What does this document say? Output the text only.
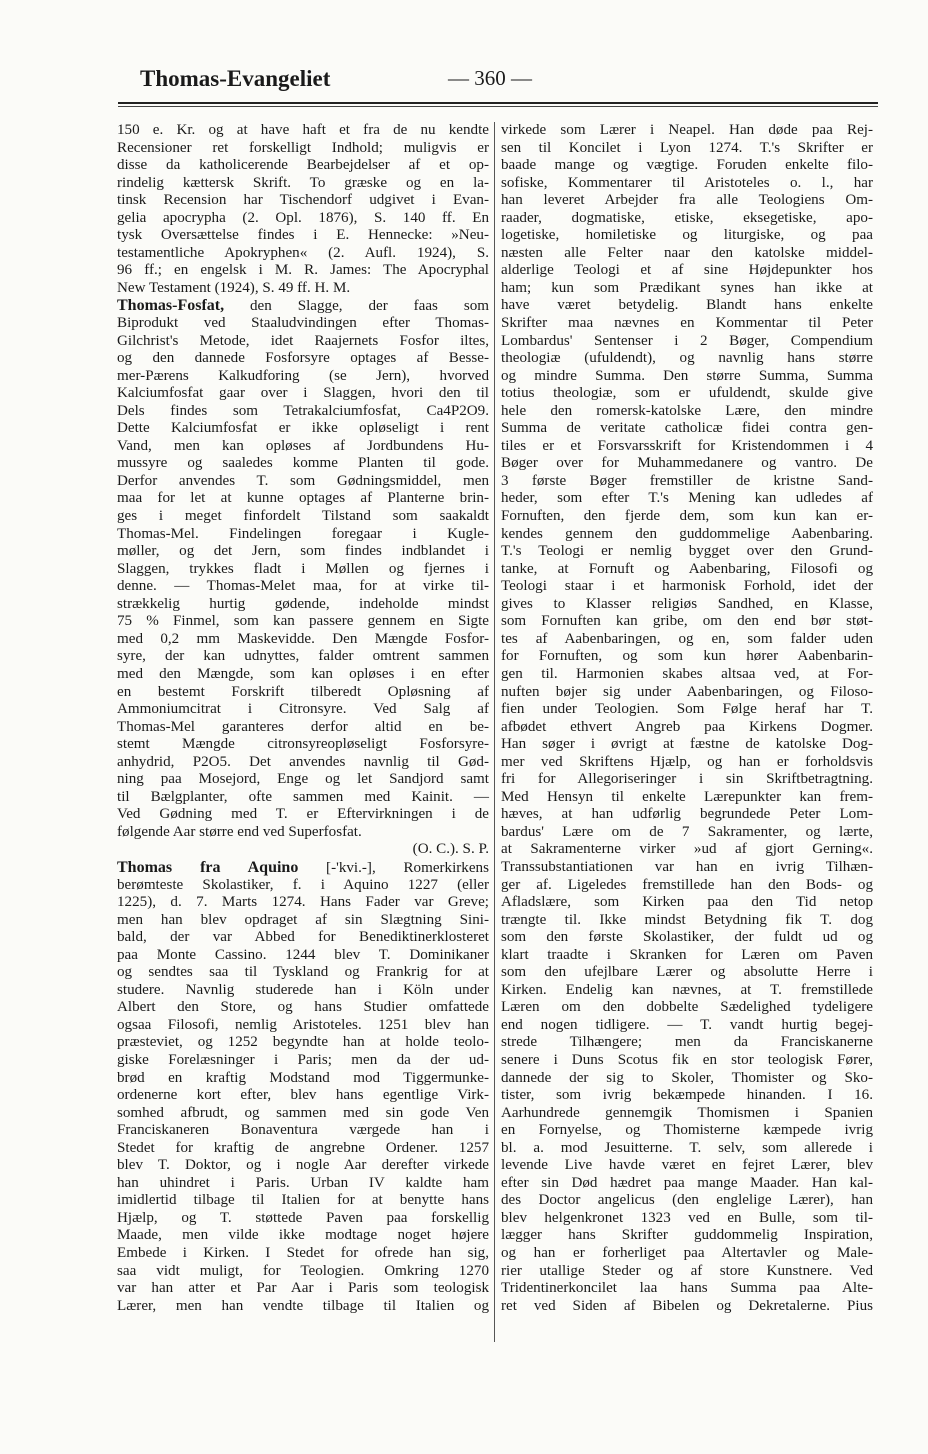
Thomas-Evangeliet	— 360 —
150 e. Kr. og at have haft et fra de nu kendte
Recensioner ret forskelligt Indhold; muligvis er
disse da katholicerende Bearbejdelser af et op-
rindelig kættersk Skrift. To græske og en la-
tinsk Recension har Tischendorf udgivet i Evan-
gelia apocrypha (2. Opl. 1876), S. 140 ff. En
tysk Oversættelse findes i E. Hennecke: »Neu-
testamentliche Apokryphen« (2. Aufl. 1924), S.
96 ff.; en engelsk i M. R. James: The Apocryphal
New Testament (1924), S. 49 ff. H. M.
Thomas-Fosfat, den Slagge, der faas som
Biprodukt ved Staaludvindingen efter Thomas-
Gilchrist's Metode, idet Raajernets Fosfor iltes,
og den dannede Fosforsyre optages af Besse-
mer-Pærens Kalkudforing (se Jern), hvorved
Kalciumfosfat gaar over i Slaggen, hvori den til
Dels findes som Tetrakalciumfosfat, Ca4P2O9.
Dette Kalciumfosfat er ikke opløseligt i rent
Vand, men kan opløses af Jordbundens Hu-
mussyre og saaledes komme Planten til gode.
Derfor anvendes T. som Gødningsmiddel, men
maa for let at kunne optages af Planterne brin-
ges i meget finfordelt Tilstand som saakaldt
Thomas-Mel. Findelingen foregaar i Kugle-
møller, og det Jern, som findes indblandet i
Slaggen, trykkes fladt i Møllen og fjernes i
denne. — Thomas-Melet maa, for at virke til-
strækkelig hurtig gødende, indeholde mindst
75 % Finmel, som kan passere gennem en Sigte
med 0,2 mm Maskevidde. Den Mængde Fosfor-
syre, der kan udnyttes, falder omtrent sammen
med den Mængde, som kan opløses i en efter
en bestemt Forskrift tilberedt Opløsning af
Ammoniumcitrat i Citronsyre. Ved Salg af
Thomas-Mel garanteres derfor altid en be-
stemt Mængde citronsyreopløseligt Fosforsyre-
anhydrid, P2O5. Det anvendes navnlig til Gød-
ning paa Mosejord, Enge og let Sandjord samt
til Bælgplanter, ofte sammen med Kainit. —
Ved Gødning med T. er Eftervirkningen i de
følgende Aar større end ved Superfosfat.
(O. C.). S. P.
Thomas fra Aquino [-'kvi.-], Romerkirkens
berømteste Skolastiker, f. i Aquino 1227 (eller
1225), d. 7. Marts 1274. Hans Fader var Greve;
men han blev opdraget af sin Slægtning Sini-
bald, der var Abbed for Benediktinerklosteret
paa Monte Cassino. 1244 blev T. Dominikaner
og sendtes saa til Tyskland og Frankrig for at
studere. Navnlig studerede han i Köln under
Albert den Store, og hans Studier omfattede
ogsaa Filosofi, nemlig Aristoteles. 1251 blev han
præsteviet, og 1252 begyndte han at holde teolo-
giske Forelæsninger i Paris; men da der ud-
brød en kraftig Modstand mod Tiggermunke-
ordenerne kort efter, blev hans egentlige Virk-
somhed afbrudt, og sammen med sin gode Ven
Franciskaneren Bonaventura værgede han i
Stedet for kraftig de angrebne Ordener. 1257
blev T. Doktor, og i nogle Aar derefter virkede
han uhindret i Paris. Urban IV kaldte ham
imidlertid tilbage til Italien for at benytte hans
Hjælp, og T. støttede Paven paa forskellig
Maade, men vilde ikke modtage noget højere
Embede i Kirken. I Stedet for ofrede han sig,
saa vidt muligt, for Teologien. Omkring 1270
var han atter et Par Aar i Paris som teologisk
Lærer, men han vendte tilbage til Italien og
virkede som Lærer i Neapel. Han døde paa Rej-
sen til Koncilet i Lyon 1274. T.'s Skrifter er
baade mange og vægtige. Foruden enkelte filo-
sofiske, Kommentarer til Aristoteles o. l., har
han leveret Arbejder fra alle Teologiens Om-
raader, dogmatiske, etiske, eksegetiske, apo-
logetiske, homiletiske og liturgiske, og paa
næsten alle Felter naar den katolske middel-
alderlige Teologi et af sine Højdepunkter hos
ham; kun som Prædikant synes han ikke at
have været betydelig. Blandt hans enkelte
Skrifter maa nævnes en Kommentar til Peter
Lombardus' Sentenser i 2 Bøger, Compendium
theologiæ (ufuldendt), og navnlig hans større
og mindre Summa. Den større Summa, Summa
totius theologiæ, som er ufuldendt, skulde give
hele den romersk-katolske Lære, den mindre
Summa de veritate catholicæ fidei contra gen-
tiles er et Forsvarsskrift for Kristendommen i 4
Bøger over for Muhammedanere og vantro. De
3 første Bøger fremstiller de kristne Sand-
heder, som efter T.'s Mening kan udledes af
Fornuften, den fjerde dem, som kun kan er-
kendes gennem den guddommelige Aabenbaring.
T.'s Teologi er nemlig bygget over den Grund-
tanke, at Fornuft og Aabenbaring, Filosofi og
Teologi staar i et harmonisk Forhold, idet der
gives to Klasser religiøs Sandhed, en Klasse,
som Fornuften kan gribe, om den end bør støt-
tes af Aabenbaringen, og en, som falder uden
for Fornuften, og som kun hører Aabenbarin-
gen til. Harmonien skabes altsaa ved, at For-
nuften bøjer sig under Aabenbaringen, og Filoso-
fien under Teologien. Som Følge heraf har T.
afbødet ethvert Angreb paa Kirkens Dogmer.
Han søger i øvrigt at fæstne de katolske Dog-
mer ved Skriftens Hjælp, og han er forholdsvis
fri for Allegoriseringer i sin Skriftbetragtning.
Med Hensyn til enkelte Lærepunkter kan frem-
hæves, at han udførlig begrundede Peter Lom-
bardus' Lære om de 7 Sakramenter, og lærte,
at Sakramenterne virker »ud af gjort Gerning«.
Transsubstantiationen var han en ivrig Tilhæn-
ger af. Ligeledes fremstillede han den Bods- og
Afladslære, som Kirken paa den Tid netop
trængte til. Ikke mindst Betydning fik T. dog
som den første Skolastiker, der fuldt ud og
klart traadte i Skranken for Læren om Paven
som den ufejlbare Lærer og absolutte Herre i
Kirken. Endelig kan nævnes, at T. fremstillede
Læren om den dobbelte Sædelighed tydeligere
end nogen tidligere. — T. vandt hurtig begej-
strede Tilhængere; men da Franciskanerne
senere i Duns Scotus fik en stor teologisk Fører,
dannede der sig to Skoler, Thomister og Sko-
tister, som ivrig bekæmpede hinanden. I 16.
Aarhundrede gennemgik Thomismen i Spanien
en Fornyelse, og Thomisterne kæmpede ivrig
bl. a. mod Jesuitterne. T. selv, som allerede i
levende Live havde været en fejret Lærer, blev
efter sin Død hædret paa mange Maader. Han kal-
des Doctor angelicus (den englelige Lærer), han
blev helgenkronet 1323 ved en Bulle, som til-
lægger hans Skrifter guddommelig Inspiration,
og han er forherliget paa Altertavler og Male-
rier utallige Steder og af store Kunstnere. Ved
Tridentinerkoncilet laa hans Summa paa Alte-
ret ved Siden af Bibelen og Dekretalerne. Pius
